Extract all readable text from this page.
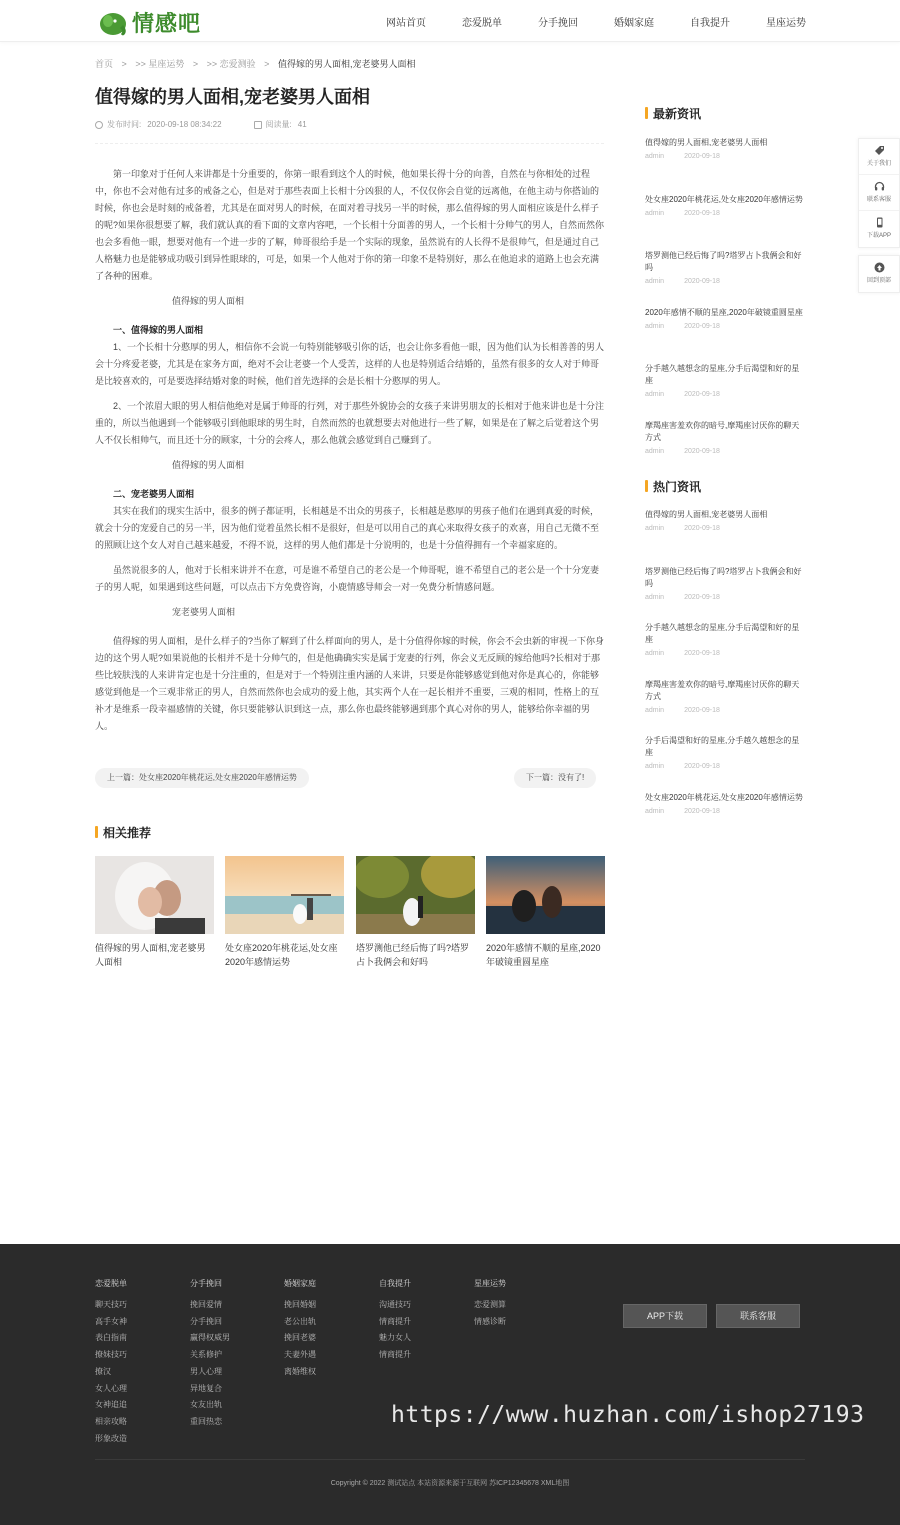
情感吧	网站首页	恋爱脱单	分手挽回	婚姻家庭	自我提升	星座运势
首页 > >> 星座运势 > >> 恋爱测验 > 值得嫁的男人面相,宠老婆男人面相
值得嫁的男人面相,宠老婆男人面相
发布时间: 2020-09-18 08:34:22	阅读量: 41

第一印象对于任何人来讲都是十分重要的，你第一眼看到这个人的时候，他如果长得十分的向善，自然在与你相处的过程中，你也不会对他有过多的戒备之心，但是对于那些表面上长相十分凶狠的人，不仅仅你会自觉的远离他，在他主动与你搭讪的时候，你也会是时刻的戒备着，尤其是在面对男人的时候，在面对着寻找另一半的时候，那么值得嫁的男人面相应该是什么样子的呢?如果你很想要了解，我们就认真的看下面的文章内容吧，一个长相十分面善的男人，一个长相十分帅气的男人，自然而然你也会多看他一眼，想要对他有一个进一步的了解，帅哥很给手是一个实际的现象，虽然说有的人长得不是很帅气，但是通过自己人格魅力也是能够成功吸引到异性眼球的，可是，如果一个人他对于你的第一印象不是特别好，那么在他追求的道路上也会充满了各种的困难。

值得嫁的男人面相

一、值得嫁的男人面相

1、一个长相十分憨厚的男人，相信你不会说一句特别能够吸引你的话，也会让你多看他一眼，因为他们认为长相善善的男人会十分疼爱老婆，尤其是在家务方面，绝对不会让老婆一个人受苦，这样的人也是特别适合结婚的，虽然有很多的女人对于帅哥是比较喜欢的，可是要选择结婚对象的时候，他们首先选择的会是长相十分憨厚的男人。

2、一个浓眉大眼的男人相信他绝对是属于帅哥的行列，对于那些外貌协会的女孩子来讲男朋友的长相对于他来讲也是十分注重的，所以当他遇到一个能够吸引到他眼球的男生时，自然而然的也就想要去对他进行一些了解，如果是在了解之后觉着这个男人不仅长相帅气，而且还十分的顾家，十分的会疼人，那么他就会感觉到自己赚到了。

值得嫁的男人面相

二、宠老婆男人面相

其实在我们的现实生活中，很多的例子都证明，长相越是不出众的男孩子，长相越是憨厚的男孩子他们在遇到真爱的时候，就会十分的宠爱自己的另一半，因为他们觉着虽然长相不是很好，但是可以用自己的真心来取得女孩子的欢喜，用自己无微不至的照顾让这个女人对自己越来越爱，不得不说，这样的男人他们都是十分说明的，也是十分值得拥有一个幸福家庭的。

虽然说很多的人，他对于长相来讲并不在意，可是谁不希望自己的老公是一个帅哥呢，谁不希望自己的老公是一个十分宠妻子的男人呢，如果遇到这些问题，可以点击下方免费咨询，小鹿情感导师会一对一免费分析情感问题。

宠老婆男人面相

值得嫁的男人面相，是什么样子的?当你了解到了什么样面向的男人，是十分值得你嫁的时候，你会不会虫新的审视一下你身边的这个男人呢?如果说他的长相并不是十分帅气的，但是他确确实实是属于宠妻的行列，你会义无反顾的嫁给他吗?长相对于那些比较肤浅的人来讲肯定也是十分注重的，但是对于一个特别注重内涵的人来讲，只要是你能够感觉到他对你是真心的，你能够感觉到他是一个三观非常正的男人，自然而然你也会成功的爱上他，其实两个人在一起长相并不重要，三观的相同，性格上的互补才是维系一段幸福感情的关键，你只要能够认识到这一点，那么你也最终能够遇到那个真心对你的男人，能够给你幸福的男人。

上一篇：处女座2020年桃花运,处女座2020年感情运势	下一篇：没有了!
相关推荐
值得嫁的男人面相,宠老婆男人面相
处女座2020年桃花运,处女座2020年感情运势
塔罗测他已经后悔了吗?塔罗占卜我俩会和好吗
2020年感情不顺的星座,2020年破镜重圆星座
最新资讯
值得嫁的男人面相,宠老婆男人面相
admin	2020-09-18
处女座2020年桃花运,处女座2020年感情运势
admin	2020-09-18
塔罗测他已经后悔了吗?塔罗占卜我俩会和好吗
admin	2020-09-18
2020年感情不顺的星座,2020年破镜重圆星座
admin	2020-09-18
分手越久越想念的星座,分手后渴望和好的星座
admin	2020-09-18
摩羯座害羞欢你的暗号,摩羯座讨厌你的聊天方式
admin	2020-09-18
热门资讯
值得嫁的男人面相,宠老婆男人面相
admin	2020-09-18
塔罗测他已经后悔了吗?塔罗占卜我俩会和好吗
admin	2020-09-18
分手越久越想念的星座,分手后渴望和好的星座
admin	2020-09-18
摩羯座害羞欢你的暗号,摩羯座讨厌你的聊天方式
admin	2020-09-18
分手后渴望和好的星座,分手越久越想念的星座
admin	2020-09-18
处女座2020年桃花运,处女座2020年感情运势
admin	2020-09-18
关于我们
联系客服
下载APP
回到顶部
恋爱脱单
聊天技巧
高手女神
表白指南
撩妹技巧
撩汉
女人心理
女神追追
相亲攻略
形象改造
分手挽回
挽回爱情
分手挽回
赢得权威男
关系修护
男人心理
异地复合
女友出轨
重回热恋
婚姻家庭
挽回婚姻
老公出轨
挽回老婆
夫妻外遇
离婚维权
自我提升
沟通技巧
情商提升
魅力女人
情商提升
星座运势
恋爱测算
情感诊断
APP下载	联系客服
https://www.huzhan.com/ishop27193
Copyright © 2022 测试站点 本站资源来源于互联网 苏ICP12345678 XML地图
